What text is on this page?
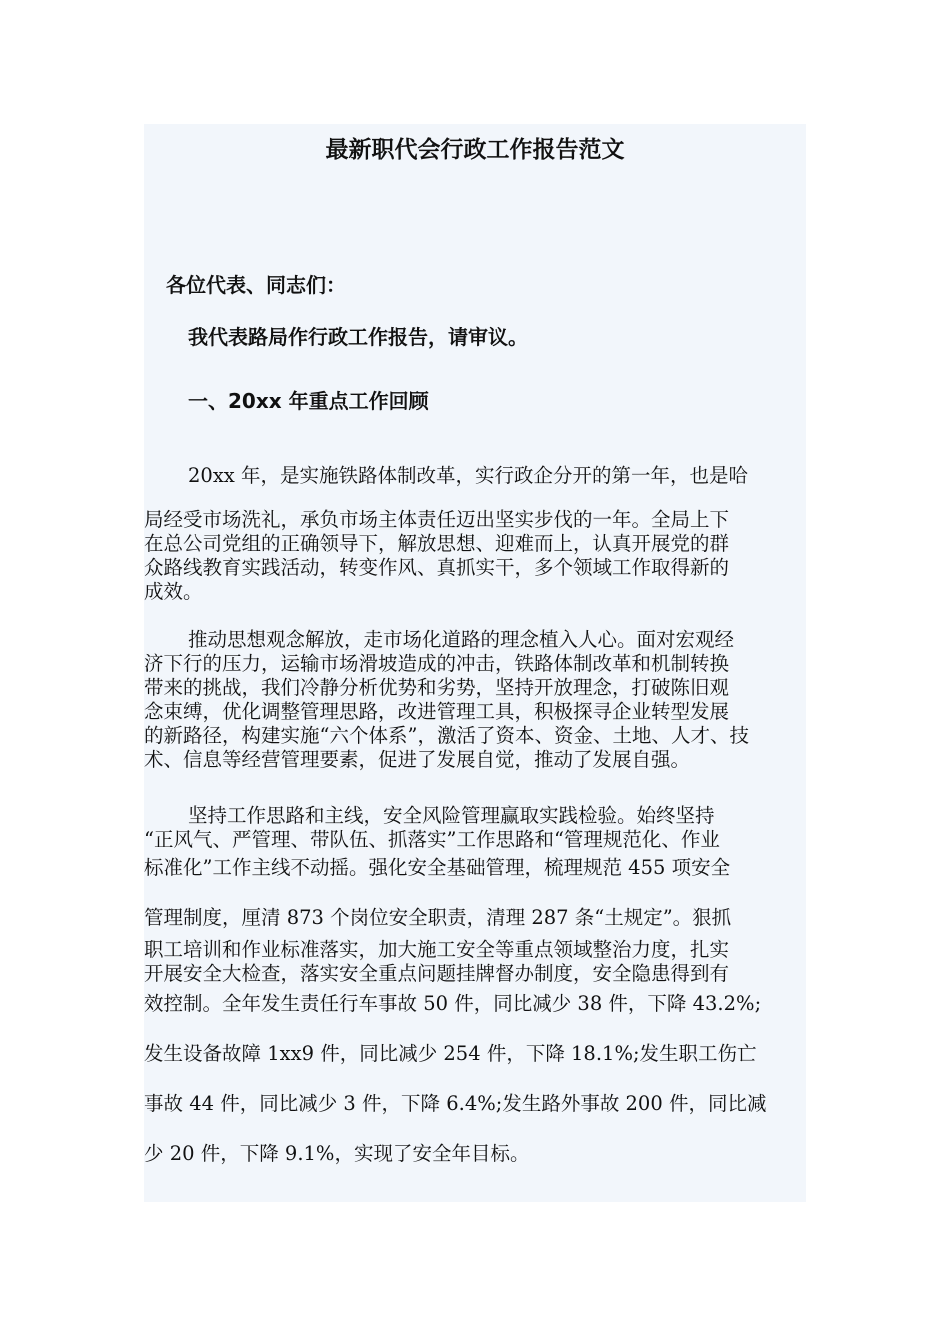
最新职代会行政工作报告范文

各位代表、同志们：

我代表路局作行政工作报告，请审议。

一、20xx 年重点工作回顾

20xx 年，是实施铁路体制改革，实行政企分开的第一年，也是哈
局经受市场洗礼，承负市场主体责任迈出坚实步伐的一年。全局上下
在总公司党组的正确领导下，解放思想、迎难而上，认真开展党的群
众路线教育实践活动，转变作风、真抓实干，多个领域工作取得新的
成效。
推动思想观念解放，走市场化道路的理念植入人心。面对宏观经
济下行的压力，运输市场滑坡造成的冲击，铁路体制改革和机制转换
带来的挑战，我们冷静分析优势和劣势，坚持开放理念，打破陈旧观
念束缚，优化调整管理思路，改进管理工具，积极探寻企业转型发展
的新路径，构建实施“六个体系”，激活了资本、资金、土地、人才、技
术、信息等经营管理要素，促进了发展自觉，推动了发展自强。
坚持工作思路和主线，安全风险管理赢取实践检验。始终坚持
“正风气、严管理、带队伍、抓落实”工作思路和“管理规范化、作业
标准化”工作主线不动摇。强化安全基础管理，梳理规范 455 项安全
管理制度，厘清 873 个岗位安全职责，清理 287 条“土规定”。狠抓
职工培训和作业标准落实，加大施工安全等重点领域整治力度，扎实
开展安全大检查，落实安全重点问题挂牌督办制度，安全隐患得到有
效控制。全年发生责任行车事故 50 件，同比减少 38 件，下降 43.2%;
发生设备故障 1xx9 件，同比减少 254 件，下降 18.1%;发生职工伤亡
事故 44 件，同比减少 3 件，下降 6.4%;发生路外事故 200 件，同比减
少 20 件，下降 9.1%，实现了安全年目标。
